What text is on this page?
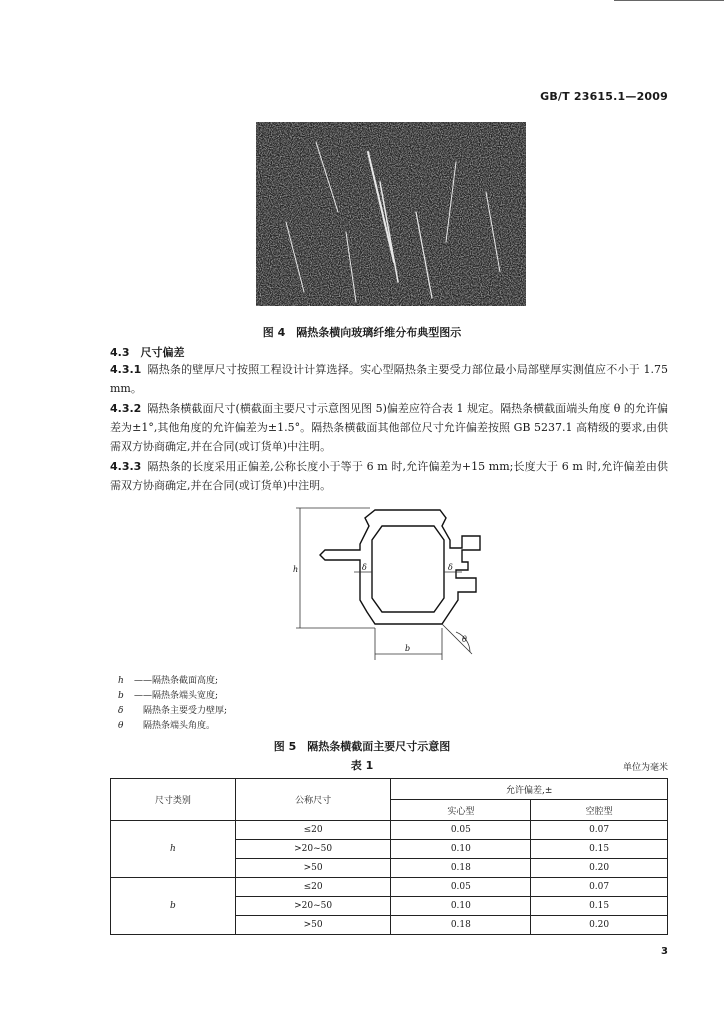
GB/T 23615.1—2009
图 4　隔热条横向玻璃纤维分布典型图示
4.3　尺寸偏差
4.3.1 隔热条的壁厚尺寸按照工程设计计算选择。实心型隔热条主要受力部位最小局部壁厚实测值应不小于 1.75 mm。
4.3.2 隔热条横截面尺寸(横截面主要尺寸示意图见图 5)偏差应符合表 1 规定。隔热条横截面端头角度 θ 的允许偏差为±1°,其他角度的允许偏差为±1.5°。隔热条横截面其他部位尺寸允许偏差按照 GB 5237.1 高精级的要求,由供需双方协商确定,并在合同(或订货单)中注明。
4.3.3 隔热条的长度采用正偏差,公称长度小于等于 6 m 时,允许偏差为+15 mm;长度大于 6 m 时,允许偏差由供需双方协商确定,并在合同(或订货单)中注明。
h
b
δ	δ
θ
h ——隔热条截面高度;
b ——隔热条端头宽度;
δ　隔热条主要受力壁厚;
θ　隔热条端头角度。
图 5　隔热条横截面主要尺寸示意图
表 1	单位为毫米
尺寸类别	公称尺寸	允许偏差,±	
		实心型	空腔型
h	≤20	0.05	0.07
	>20~50	0.10	0.15
	>50	0.18	0.20
b	≤20	0.05	0.07
	>20~50	0.10	0.15
	>50	0.18	0.20
3
